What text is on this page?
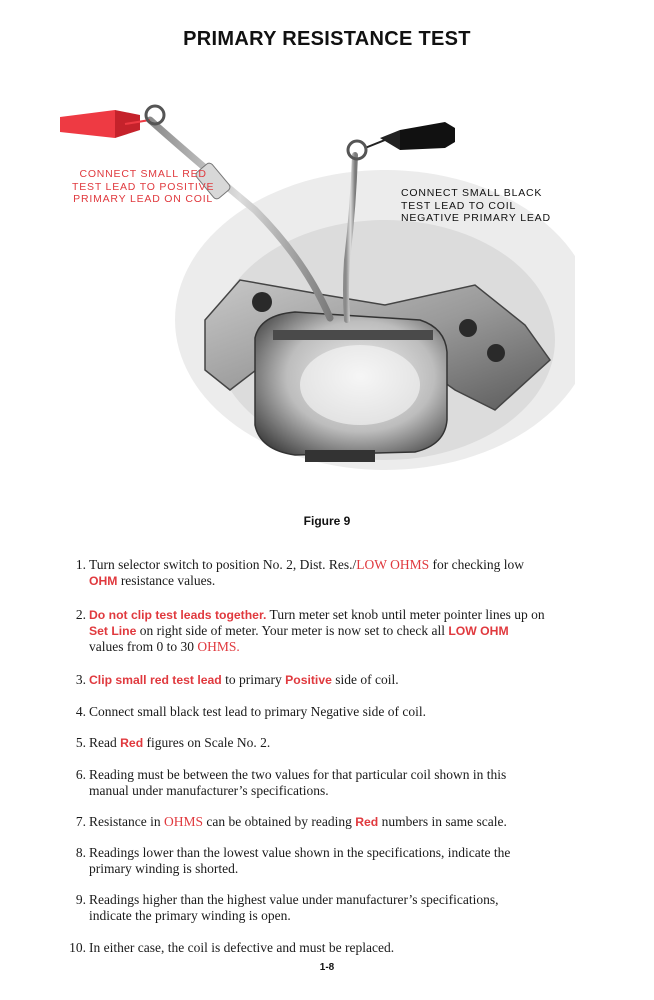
PRIMARY RESISTANCE TEST
CONNECT SMALL RED
TEST LEAD TO POSITIVE
PRIMARY LEAD ON COIL	CONNECT SMALL BLACK
TEST LEAD TO COIL
NEGATIVE PRIMARY LEAD
Figure 9
1. Turn selector switch to position No. 2, Dist. Res./LOW OHMS for checking low
OHM resistance values.
2. Do not clip test leads together. Turn meter set knob until meter pointer lines up on
Set Line on right side of meter. Your meter is now set to check all LOW OHM
values from 0 to 30 OHMS.
3. Clip small red test lead to primary Positive side of coil.
4. Connect small black test lead to primary Negative side of coil.
5. Read Red figures on Scale No. 2.
6. Reading must be between the two values for that particular coil shown in this
manual under manufacturer’s specifications.
7. Resistance in OHMS can be obtained by reading Red numbers in same scale.
8. Readings lower than the lowest value shown in the specifications, indicate the
primary winding is shorted.
9. Readings higher than the highest value under manufacturer’s specifications,
indicate the primary winding is open.
10. In either case, the coil is defective and must be replaced.
1-8
